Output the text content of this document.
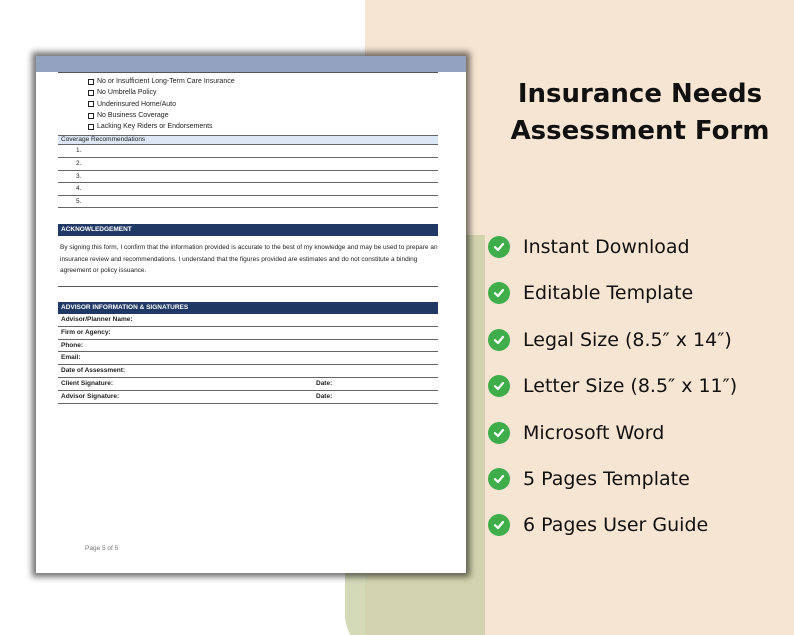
No or Insufficient Long-Term Care Insurance
No Umbrella Policy
Underinsured Home/Auto
No Business Coverage
Lacking Key Riders or Endorsements
Coverage Recommendations
1.
2.
3.
4.
5.
ACKNOWLEDGEMENT
By signing this form, I confirm that the information provided is accurate to the best of my knowledge and may be used to prepare an insurance review and recommendations. I understand that the figures provided are estimates and do not constitute a binding agreement or policy issuance.
ADVISOR INFORMATION & SIGNATURES
Advisor/Planner Name:
Firm or Agency:
Phone:
Email:
Date of Assessment:
Client Signature:	Date:
Advisor Signature:	Date:
Page 5 of 5
Insurance Needs
Assessment Form
Instant Download
Editable Template
Legal Size (8.5″ x 14″)
Letter Size (8.5″ x 11″)
Microsoft Word
5 Pages Template
6 Pages User Guide
